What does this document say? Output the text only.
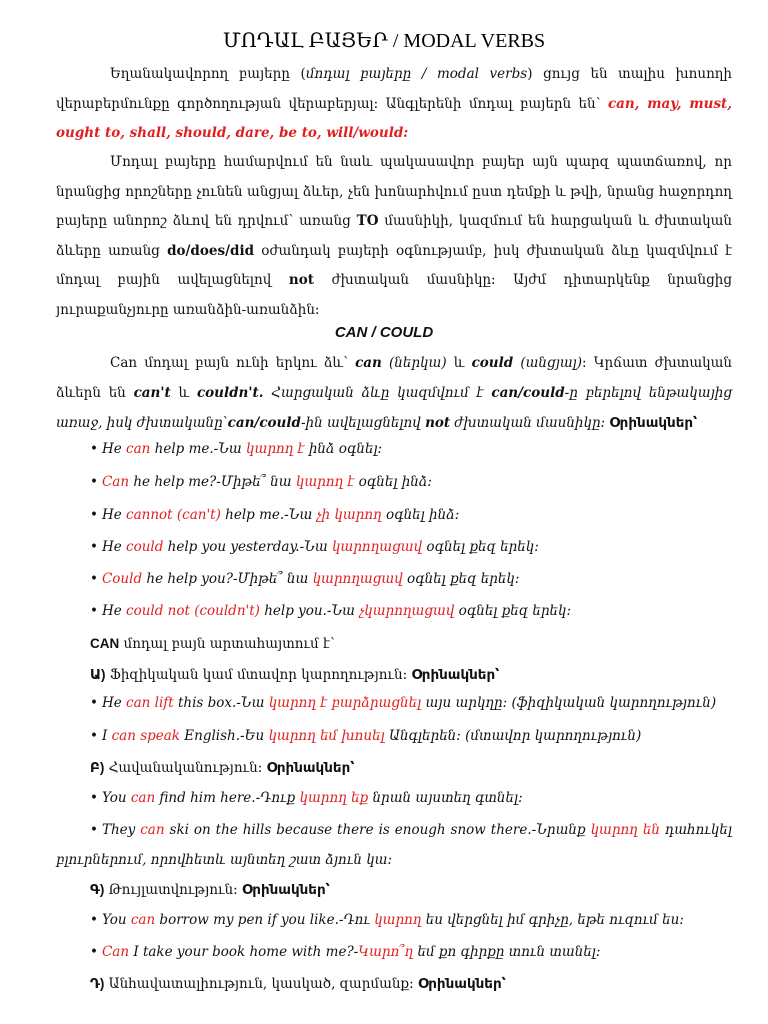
ՄՈԴԱԼ ԲԱՅԵՐ / MODAL VERBS
Եղանակավորող բայերը (մոդալ բայերը / modal verbs) ցույց են տալիս խոսողի վերաբերմունքը գործողության վերաբերյալ: Անգլերենի մոդալ բայերն են՝ can, may, must, ought to, shall, should, dare, be to, will/would:
Մոդալ բայերը համարվում են նաև պակասավոր բայեր այն պարզ պատճառով, որ նրանցից որոշները չունեն անցյալ ձևեր, չեն խոնարհվում ըստ դեմքի և թվի, նրանց հաջորդող բայերը անորոշ ձևով են դրվում՝ առանց TO մասնիկի, կազմում են հարցական և ժխտական ձևերը առանց do/does/did օժանդակ բայերի օգնությամբ, իսկ ժխտական ձևը կազմվում է մոդալ բային ավելացնելով not ժխտական մասնիկը: Այժմ դիտարկենք նրանցից յուրաքանչյուրը առանձին-առանձին:
CAN / COULD
Can մոդալ բայն ունի երկու ձև՝ can (ներկա) և could (անցյալ): Կրճատ ժխտական ձևերն են can't և couldn't. Հարցական ձևը կազմվում է can/could-ը բերելով ենթակայից առաջ, իսկ ժխտականը՝can/could-ին ավելացնելով not ժխտական մասնիկը: Օրինակներ՝
• He can help me.-Նա կարող է ինձ օգնել:
• Can he help me?-Միթե՞ նա կարող է օգնել ինձ:
• He cannot (can't) help me.-Նա չի կարող օգնել ինձ:
• He could help you yesterday.-Նա կարողացավ օգնել քեզ երեկ:
• Could he help you?-Միթե՞ նա կարողացավ օգնել քեզ երեկ:
• He could not (couldn't) help you.-Նա չկարողացավ օգնել քեզ երեկ:
CAN մոդալ բայն արտահայտում է՝
Ա) Ֆիզիկական կամ մտավոր կարողություն: Օրինակներ՝
• He can lift this box.-Նա կարող է բարձրացնել այս արկղը: (ֆիզիկական կարողություն)
• I can speak English.-Ես կարող եմ խոսել Անգլերեն: (մտավոր կարողություն)
Բ) Հավանականություն: Օրինակներ՝
• You can find him here.-Դուք կարող եք նրան այստեղ գտնել:
• They can ski on the hills because there is enough snow there.-Նրանք կարող են դահուկել բլուրներում, որովհետև այնտեղ շատ ձյուն կա:
Գ) Թույլատվություն: Օրինակներ՝
• You can borrow my pen if you like.-Դու կարող ես վերցնել իմ գրիչը, եթե ուզում ես:
• Can I take your book home with me?-Կարո՞ղ եմ քո գիրքը տուն տանել:
Դ) Անհավատալիություն, կասկած, զարմանք: Օրինակներ՝
